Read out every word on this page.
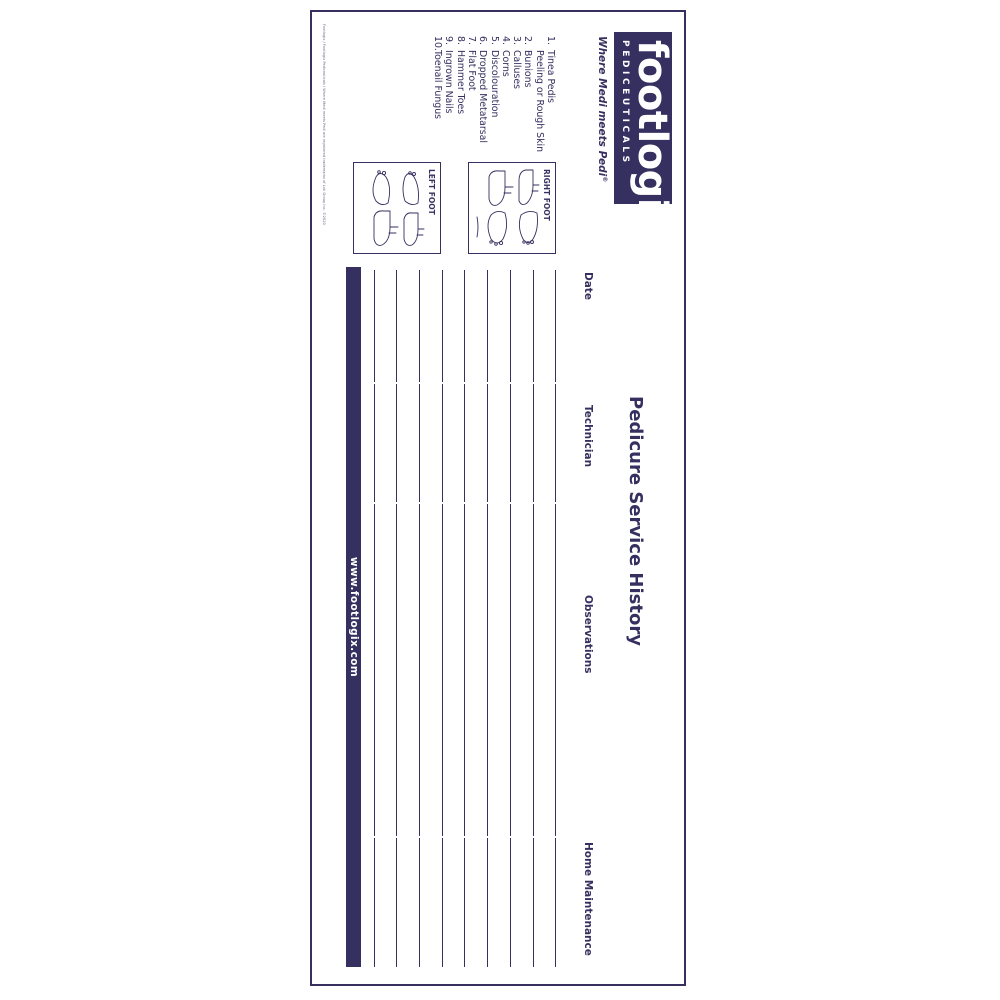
footlogix®
PEDICEUTICALS
Where Medi meets Pedi®
1.Tinea Pedis
Peeling or Rough Skin
2.Bunions
3.Calluses
4.Corns
5.Discolouration
6.Dropped Metatarsal
7.Flat Foot
8.Hammer Toes
9.Ingrown Nails
10.Toenail Fungus
RIGHT FOOT
LEFT FOOT
Footlogix / Footlogix Pediceuticals / Where Medi meets Pedi are registered trademarks of Loti Group Inc. ©2020
Pedicure Service History
Date
Technician
Observations
Home Maintenance
www.footlogix.com
